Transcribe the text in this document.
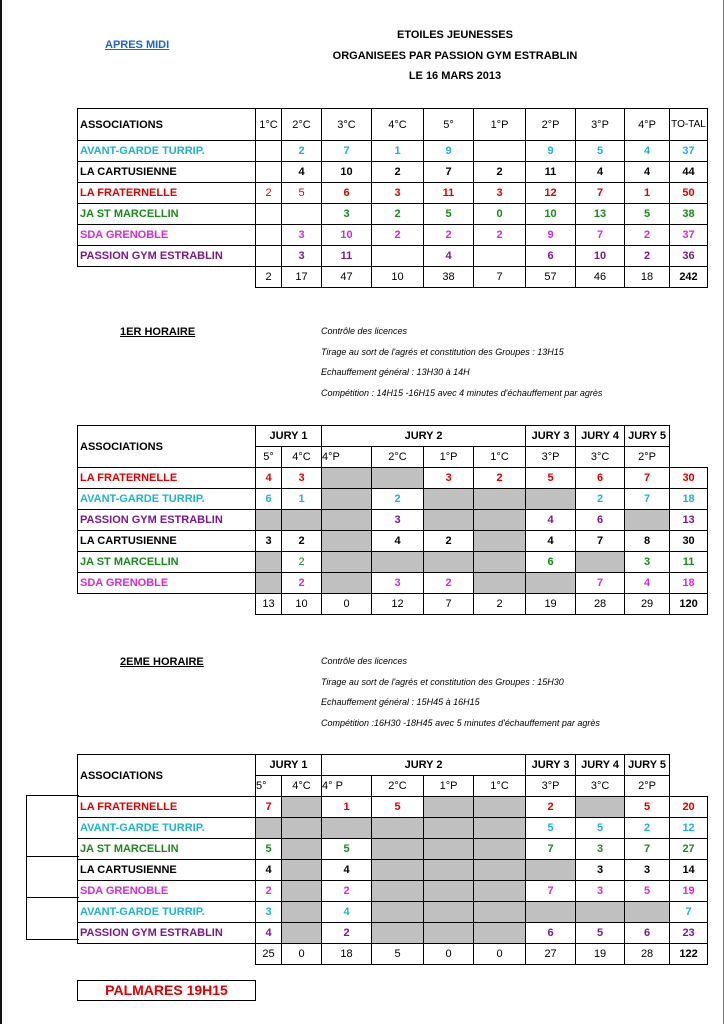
APRES MIDI
ETOILES JEUNESSES
ORGANISEES PAR PASSION GYM ESTRABLIN
LE 16 MARS 2013
ASSOCIATIONS	1°C	2°C	3°C	4°C	5°	1°P	2°P	3°P	4°P	TO-TAL
AVANT-GARDE TURRIP.		2	7	1	9		9	5	4	37
LA CARTUSIENNE		4	10	2	7	2	11	4	4	44
LA FRATERNELLE	2	5	6	3	11	3	12	7	1	50
JA ST MARCELLIN			3	2	5	0	10	13	5	38
SDA GRENOBLE		3	10	2	2	2	9	7	2	37
PASSION GYM ESTRABLIN		3	11		4		6	10	2	36
	2	17	47	10	38	7	57	46	18	242
1ER HORAIRE	Contrôle des licences
Tirage au sort de l'agrés et constitution des Groupes : 13H15
Echauffement général : 13H30 à 14H
Compétition : 14H15 -16H15 avec 4 minutes d'échauffement par agrès
ASSOCIATIONS	JURY 1		JURY 2				JURY 3	JURY 4	JURY 5	
	5°	4°C	4°P	2°C	1°P	1°C	3°P	3°C	2°P	
LA FRATERNELLE	4	3			3	2	5	6	7	30
AVANT-GARDE TURRIP.	6	1		2				2	7	18
PASSION GYM ESTRABLIN				3			4	6		13
LA CARTUSIENNE	3	2		4	2		4	7	8	30
JA ST MARCELLIN		2					6		3	11
SDA GRENOBLE		2		3	2			7	4	18
	13	10	0	12	7	2	19	28	29	120
2EME HORAIRE	Contrôle des licences
Tirage au sort de l'agrés et constitution des Groupes : 15H30
Echauffement général : 15H45 à 16H15
Compétition :16H30 -18H45 avec 5 minutes d'échauffement par agrès
ASSOCIATIONS	JURY 1		JURY 2				JURY 3	JURY 4	JURY 5	
	5°	4°C	4° P	2°C	1°P	1°C	3°P	3°C	2°P	
LA FRATERNELLE	7		1	5			2		5	20
AVANT-GARDE TURRIP.							5	5	2	12
JA ST MARCELLIN	5		5				7	3	7	27
LA CARTUSIENNE	4		4					3	3	14
SDA GRENOBLE	2		2				7	3	5	19
AVANT-GARDE TURRIP.	3		4							7
PASSION GYM ESTRABLIN	4		2				6	5	6	23
	25	0	18	5	0	0	27	19	28	122
PALMARES 19H15
